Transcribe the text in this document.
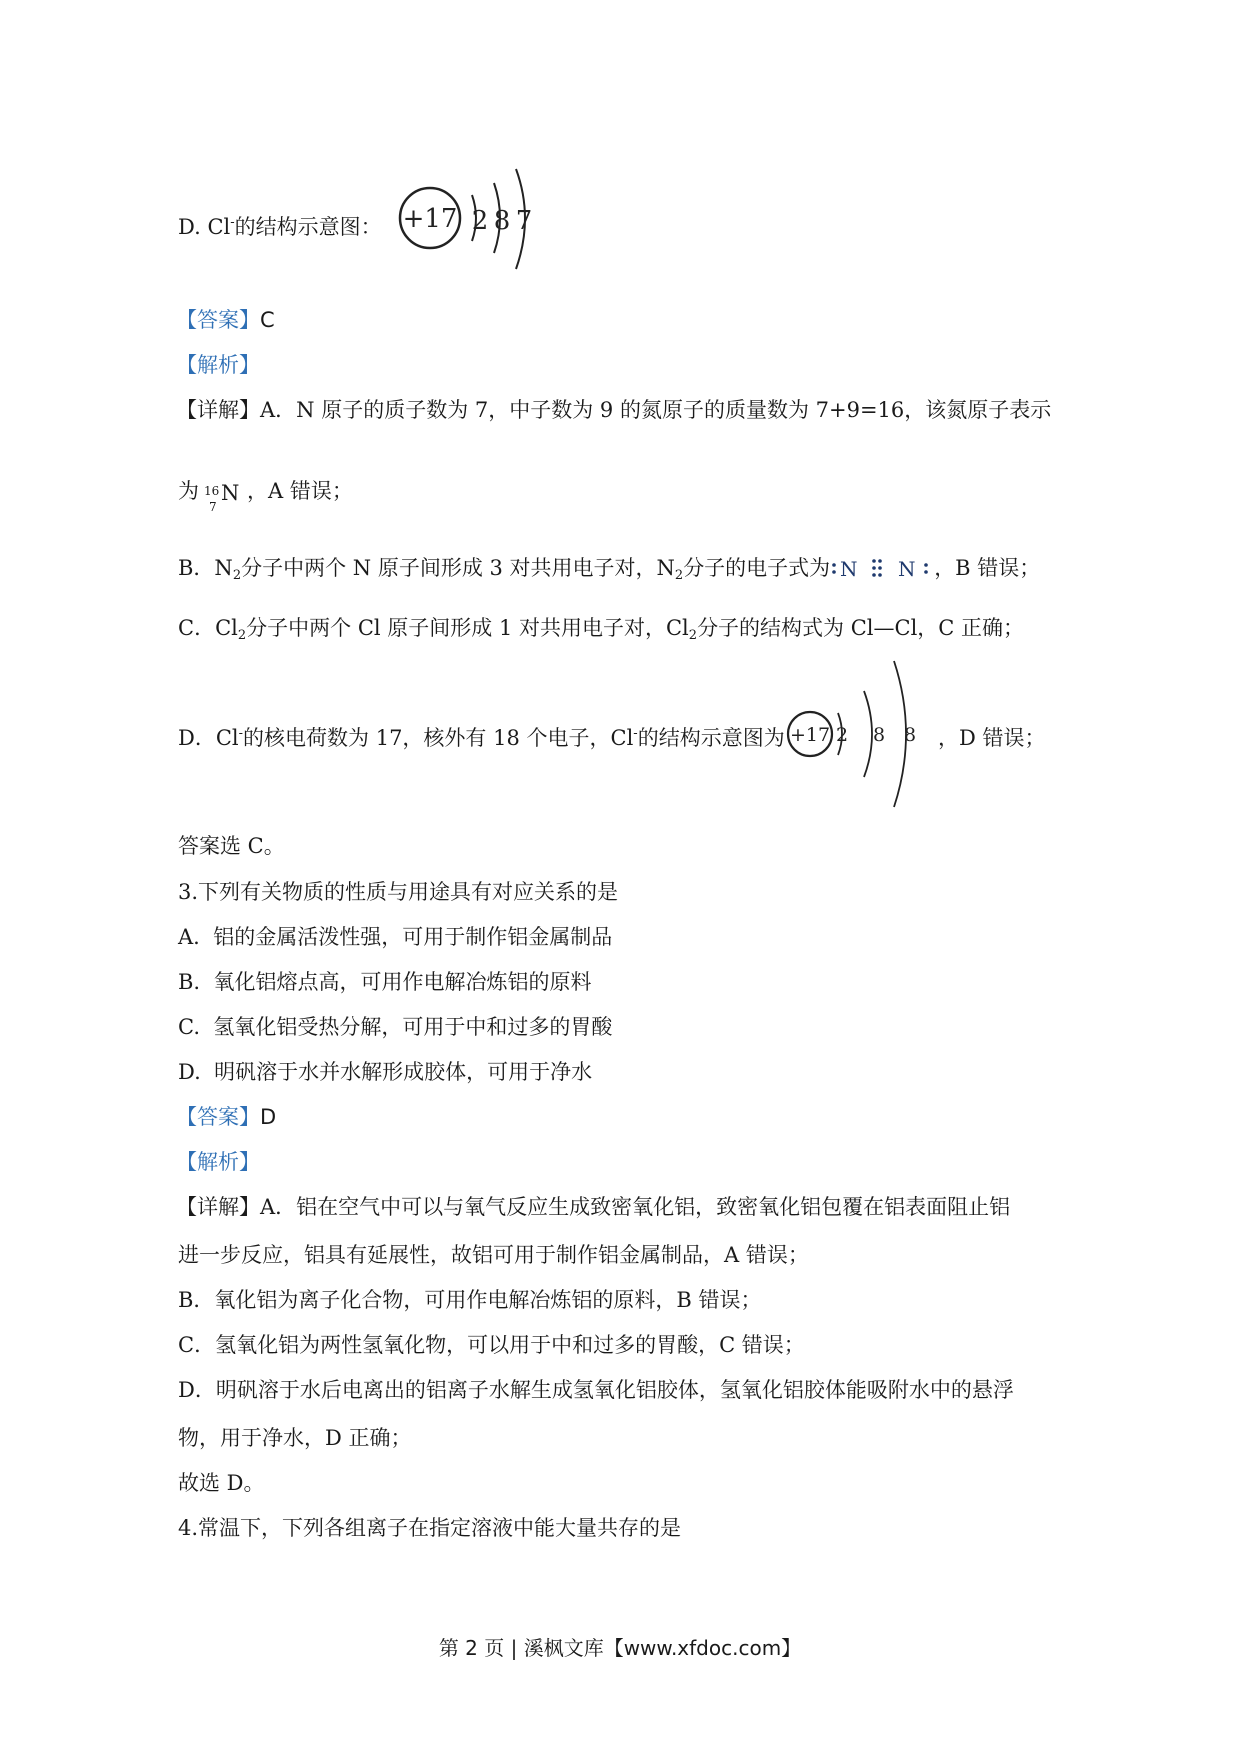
D. Cl-的结构示意图： +17 2 8 7
【答案】C
【解析】
【详解】A．N 原子的质子数为 7，中子数为 9 的氮原子的质量数为 7+9=16，该氮原子表示
为 16
7
N ，A 错误；
B．$N_2$分子中两个 N 原子间形成 3 对共用电子对，$N_2$分子的电子式为 N N ，B 错误；
C．$Cl_2$分子中两个 Cl 原子间形成 1 对共用电子对，$Cl_2$分子的结构式为 Cl—Cl，C 正确；
D．Cl-的核电荷数为 17，核外有 18 个电子，Cl-的结构示意图为 +17 2 8 8 ，D 错误；
答案选 C。
3.下列有关物质的性质与用途具有对应关系的是
A. 铝的金属活泼性强，可用于制作铝金属制品
B. 氧化铝熔点高，可用作电解冶炼铝的原料
C. 氢氧化铝受热分解，可用于中和过多的胃酸
D. 明矾溶于水并水解形成胶体，可用于净水
【答案】D
【解析】
【详解】A．铝在空气中可以与氧气反应生成致密氧化铝，致密氧化铝包覆在铝表面阻止铝
进一步反应，铝具有延展性，故铝可用于制作铝金属制品，A 错误；
B．氧化铝为离子化合物，可用作电解冶炼铝的原料，B 错误；
C．氢氧化铝为两性氢氧化物，可以用于中和过多的胃酸，C 错误；
D．明矾溶于水后电离出的铝离子水解生成氢氧化铝胶体，氢氧化铝胶体能吸附水中的悬浮
物，用于净水，D 正确；
故选 D。
4.常温下，下列各组离子在指定溶液中能大量共存的是
第 2 页 | 溪枫文库【www.xfdoc.com】
